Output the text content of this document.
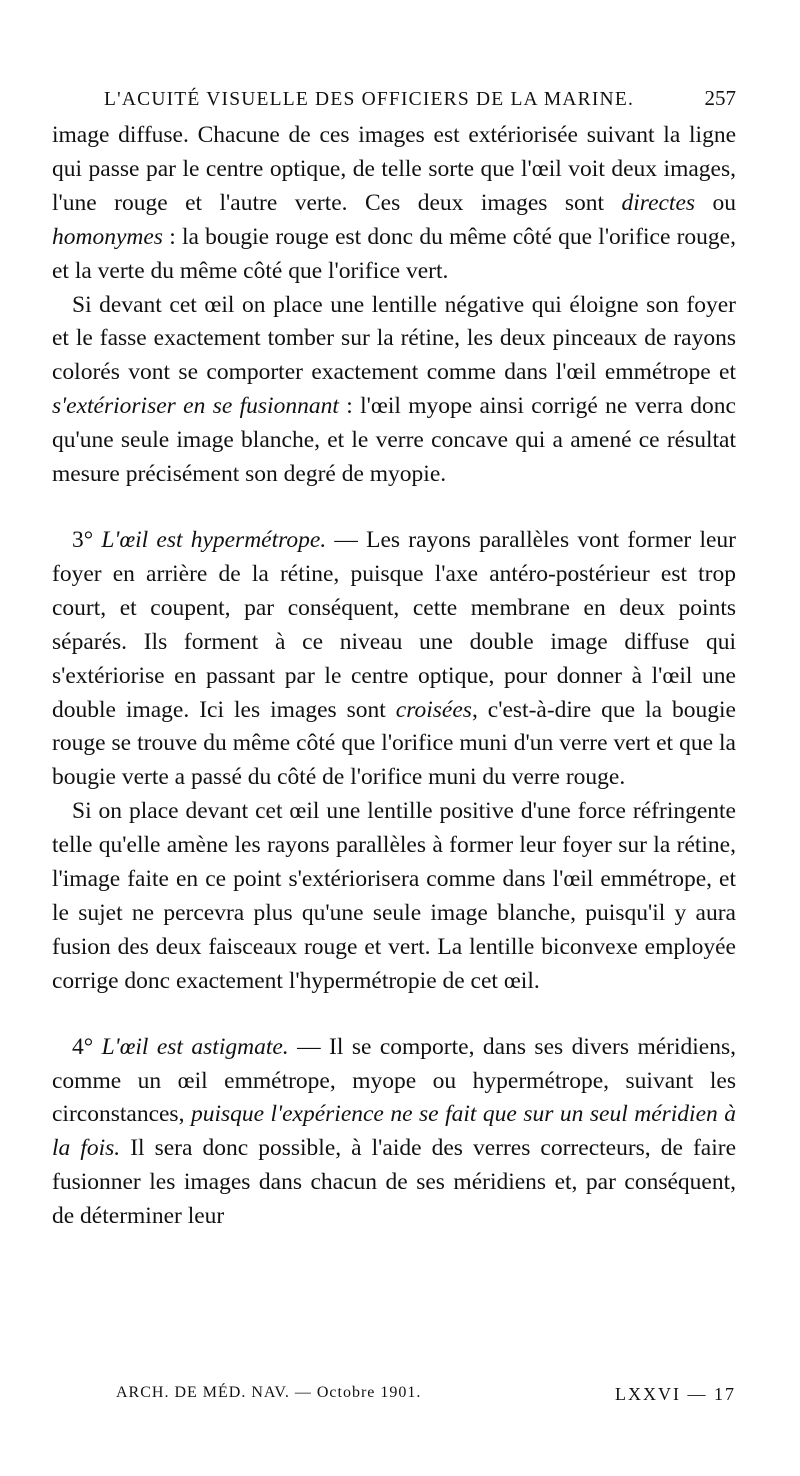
L'ACUITÉ VISUELLE DES OFFICIERS DE LA MARINE.	257

image diffuse. Chacune de ces images est extériorisée suivant la ligne qui passe par le centre optique, de telle sorte que l'œil voit deux images, l'une rouge et l'autre verte. Ces deux images sont directes ou homonymes : la bougie rouge est donc du même côté que l'orifice rouge, et la verte du même côté que l'orifice vert.

Si devant cet œil on place une lentille négative qui éloigne son foyer et le fasse exactement tomber sur la rétine, les deux pinceaux de rayons colorés vont se comporter exactement comme dans l'œil emmétrope et s'extérioriser en se fusionnant : l'œil myope ainsi corrigé ne verra donc qu'une seule image blanche, et le verre concave qui a amené ce résultat mesure précisément son degré de myopie.

3° L'œil est hypermétrope. — Les rayons parallèles vont former leur foyer en arrière de la rétine, puisque l'axe antéro-postérieur est trop court, et coupent, par conséquent, cette membrane en deux points séparés. Ils forment à ce niveau une double image diffuse qui s'extériorise en passant par le centre optique, pour donner à l'œil une double image. Ici les images sont croisées, c'est-à-dire que la bougie rouge se trouve du même côté que l'orifice muni d'un verre vert et que la bougie verte a passé du côté de l'orifice muni du verre rouge.

Si on place devant cet œil une lentille positive d'une force réfringente telle qu'elle amène les rayons parallèles à former leur foyer sur la rétine, l'image faite en ce point s'extériorisera comme dans l'œil emmétrope, et le sujet ne percevra plus qu'une seule image blanche, puisqu'il y aura fusion des deux faisceaux rouge et vert. La lentille biconvexe employée corrige donc exactement l'hypermétropie de cet œil.

4° L'œil est astigmate. — Il se comporte, dans ses divers méridiens, comme un œil emmétrope, myope ou hypermétrope, suivant les circonstances, puisque l'expérience ne se fait que sur un seul méridien à la fois. Il sera donc possible, à l'aide des verres correcteurs, de faire fusionner les images dans chacun de ses méridiens et, par conséquent, de déterminer leur

ARCH. DE MÉD. NAV. — Octobre 1901.	LXXVI — 17
